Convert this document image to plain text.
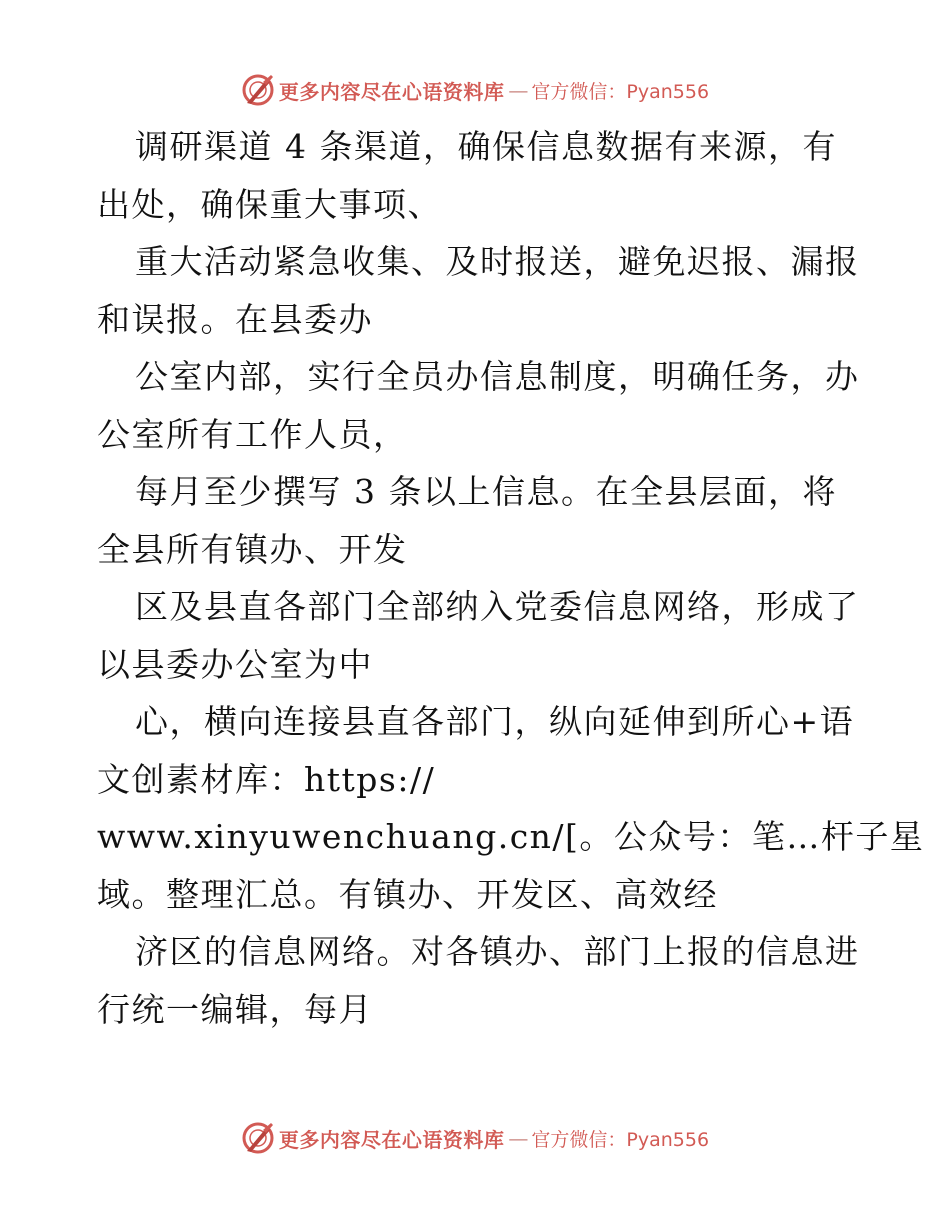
更多内容尽在心语资料库 — 官方微信：Pyan556
调研渠道 4 条渠道，确保信息数据有来源，有
出处，确保重大事项、
重大活动紧急收集、及时报送，避免迟报、漏报
和误报。在县委办
公室内部，实行全员办信息制度，明确任务，办
公室所有工作人员，
每月至少撰写 3 条以上信息。在全县层面，将
全县所有镇办、开发
区及县直各部门全部纳入党委信息网络，形成了
以县委办公室为中
心，横向连接县直各部门，纵向延伸到所心+语
文创素材库：https://
www.xinyuwenchuang.cn/[。公众号：笔…杆子星
域。整理汇总。有镇办、开发区、高效经
济区的信息网络。对各镇办、部门上报的信息进
行统一编辑，每月
更多内容尽在心语资料库 — 官方微信：Pyan556
